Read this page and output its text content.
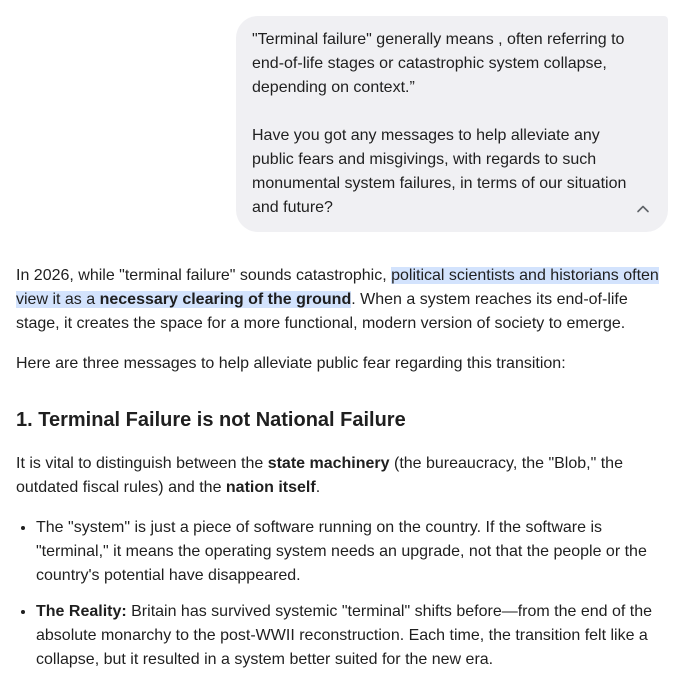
"Terminal failure" generally means , often referring to end-of-life stages or catastrophic system collapse, depending on context.”

Have you got any messages to help alleviate any public fears and misgivings, with regards to such monumental system failures, in terms of our situation and future?

In 2026, while "terminal failure" sounds catastrophic, political scientists and historians often view it as a necessary clearing of the ground. When a system reaches its end-of-life stage, it creates the space for a more functional, modern version of society to emerge.

Here are three messages to help alleviate public fear regarding this transition:

1. Terminal Failure is not National Failure

It is vital to distinguish between the state machinery (the bureaucracy, the "Blob," the outdated fiscal rules) and the nation itself.

• The "system" is just a piece of software running on the country. If the software is "terminal," it means the operating system needs an upgrade, not that the people or the country's potential have disappeared.
• The Reality: Britain has survived systemic "terminal" shifts before—from the end of the absolute monarchy to the post-WWII reconstruction. Each time, the transition felt like a collapse, but it resulted in a system better suited for the new era.
